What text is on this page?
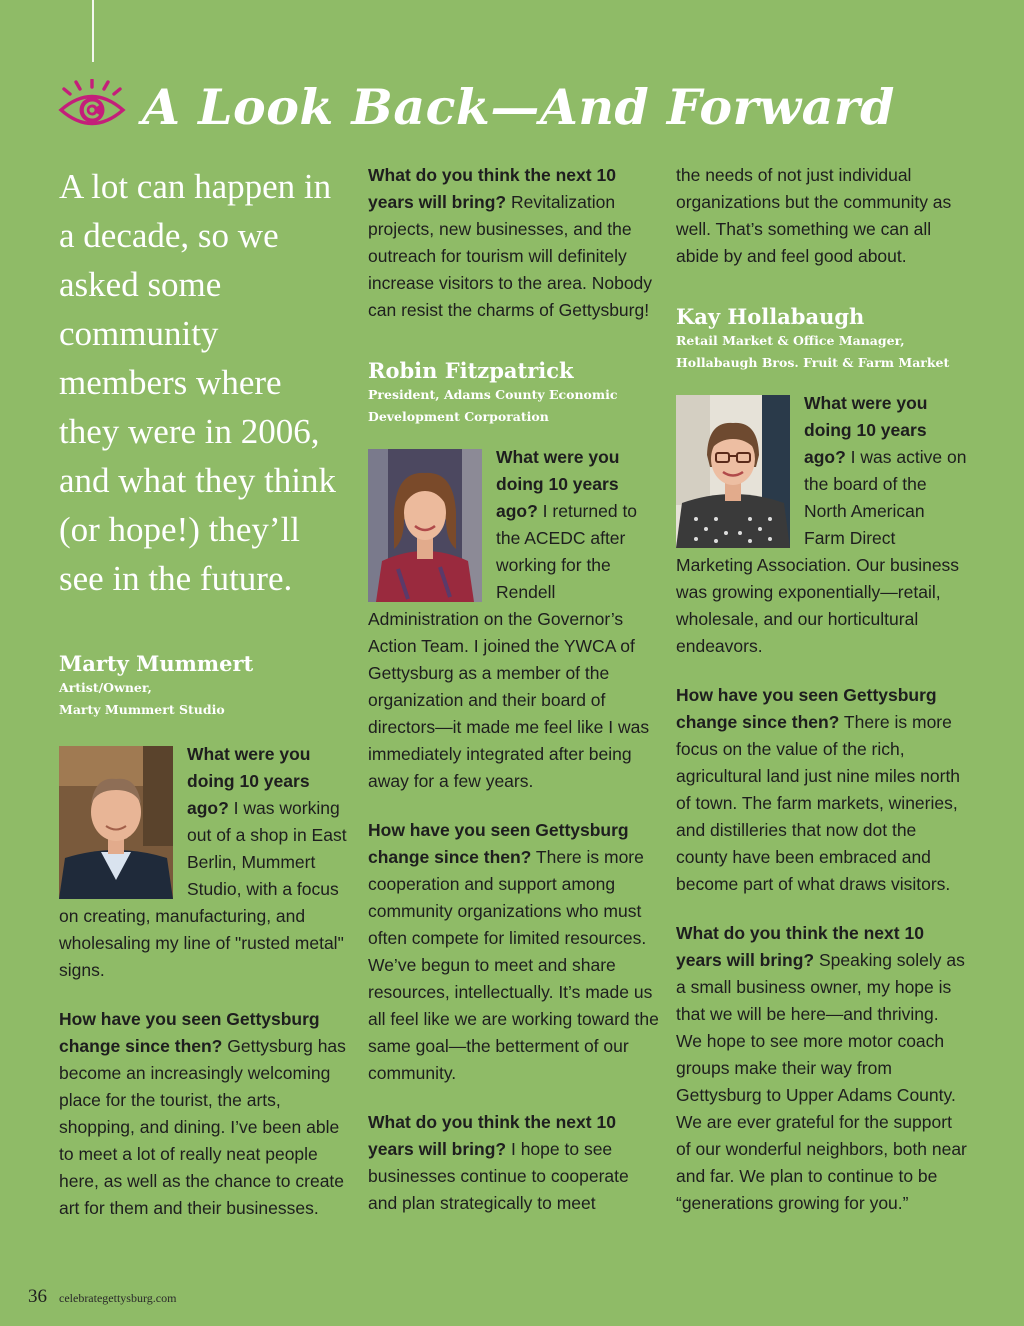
A Look Back—And Forward

A lot can happen in a decade, so we asked some community members where they were in 2006, and what they think (or hope!) they’ll see in the future.

Marty Mummert

Artist/Owner,

Marty Mummert Studio

What were you doing 10 years ago? I was working out of a shop in East Berlin, Mummert Studio, with a focus on creating, manufacturing, and wholesaling my line of "rusted metal" signs.

How have you seen Gettysburg change since then? Gettysburg has become an increasingly welcoming place for the tourist, the arts, shopping, and dining. I’ve been able to meet a lot of really neat people here, as well as the chance to create art for them and their businesses.

What do you think the next 10 years will bring? Revitalization projects, new businesses, and the outreach for tourism will definitely increase visitors to the area. Nobody can resist the charms of Gettysburg!

Robin Fitzpatrick

President, Adams County Economic

Development Corporation

What were you doing 10 years ago? I returned to the ACEDC after working for the Rendell Administration on the Governor’s Action Team. I joined the YWCA of Gettysburg as a member of the organization and their board of directors—it made me feel like I was immediately integrated after being away for a few years.

How have you seen Gettysburg change since then? There is more cooperation and support among community organizations who must often compete for limited resources. We’ve begun to meet and share resources, intellectually. It’s made us all feel like we are working toward the same goal—the betterment of our community.

What do you think the next 10 years will bring? I hope to see businesses continue to cooperate and plan strategically to meet

the needs of not just individual organizations but the community as well. That’s something we can all abide by and feel good about.

Kay Hollabaugh

Retail Market & Office Manager,

Hollabaugh Bros. Fruit & Farm Market

What were you doing 10 years ago? I was active on the board of the North American Farm Direct Marketing Association. Our business was growing exponentially—retail, wholesale, and our horticultural endeavors.

How have you seen Gettysburg change since then? There is more focus on the value of the rich, agricultural land just nine miles north of town. The farm markets, wineries, and distilleries that now dot the county have been embraced and become part of what draws visitors.

What do you think the next 10 years will bring? Speaking solely as a small business owner, my hope is that we will be here—and thriving. We hope to see more motor coach groups make their way from Gettysburg to Upper Adams County. We are ever grateful for the support of our wonderful neighbors, both near and far. We plan to continue to be “generations growing for you.”

36 celebrategettysburg.com
